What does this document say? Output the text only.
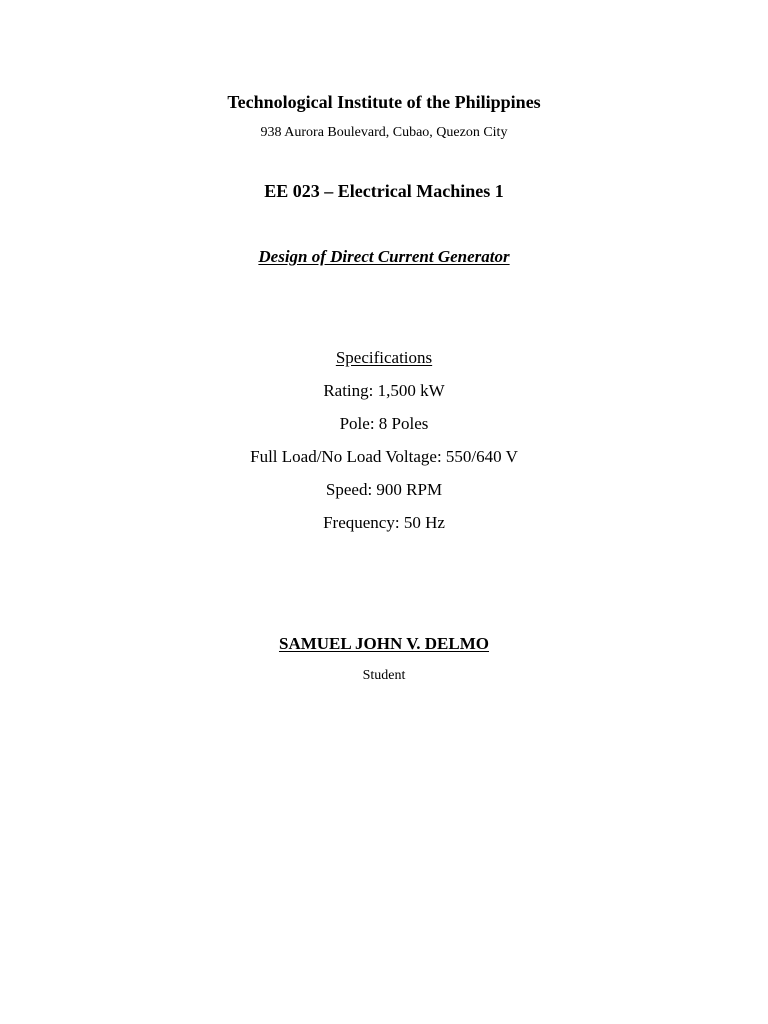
Technological Institute of the Philippines
938 Aurora Boulevard, Cubao, Quezon City
EE 023 – Electrical Machines 1
Design of Direct Current Generator
Specifications
Rating: 1,500 kW
Pole: 8 Poles
Full Load/No Load Voltage: 550/640 V
Speed: 900 RPM
Frequency: 50 Hz
SAMUEL JOHN V. DELMO
Student
